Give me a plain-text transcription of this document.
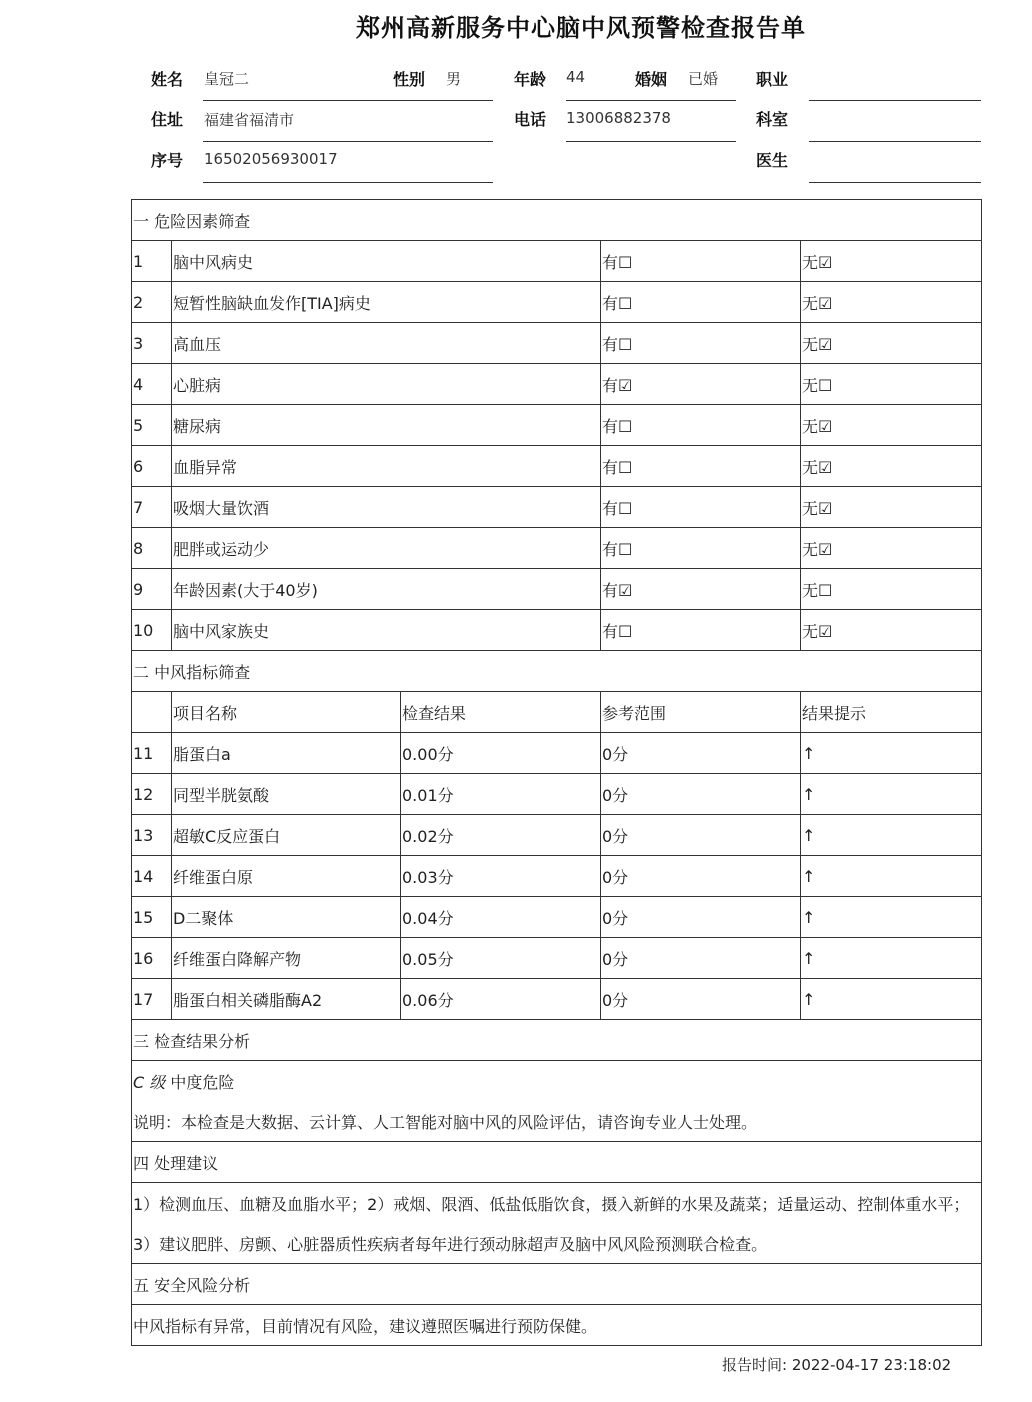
郑州高新服务中心脑中风预警检查报告单
姓名 皇冠二	性别 男	年龄 44	婚姻 已婚 职业
住址 福建省福清市	电话 13006882378	科室
序号 16502056930017	医生
一 危险因素筛查				
1	脑中风病史		有☐	无☑
2	短暂性脑缺血发作[TIA]病史		有☐	无☑
3	高血压		有☐	无☑
4	心脏病		有☑	无☐
5	糖尿病		有☐	无☑
6	血脂异常		有☐	无☑
7	吸烟大量饮酒		有☐	无☑
8	肥胖或运动少		有☐	无☑
9	年龄因素(大于40岁)		有☑	无☐
10	脑中风家族史		有☐	无☑
二 中风指标筛查				
	项目名称	检查结果	参考范围	结果提示
11	脂蛋白a	0.00分	0分	↑
12	同型半胱氨酸	0.01分	0分	↑
13	超敏C反应蛋白	0.02分	0分	↑
14	纤维蛋白原	0.03分	0分	↑
15	D二聚体	0.04分	0分	↑
16	纤维蛋白降解产物	0.05分	0分	↑
17	脂蛋白相关磷脂酶A2	0.06分	0分	↑
三 检查结果分析				
C 级 中度危险				
说明：本检查是大数据、云计算、人工智能对脑中风的风险评估，请咨询专业人士处理。				
四 处理建议				
1）检测血压、血糖及血脂水平；2）戒烟、限酒、低盐低脂饮食，摄入新鲜的水果及蔬菜；适量运动、控制体重水平；				
3）建议肥胖、房颤、心脏器质性疾病者每年进行颈动脉超声及脑中风风险预测联合检查。				
五 安全风险分析				
中风指标有异常，目前情况有风险，建议遵照医嘱进行预防保健。				
报告时间: 2022-04-17 23:18:02
